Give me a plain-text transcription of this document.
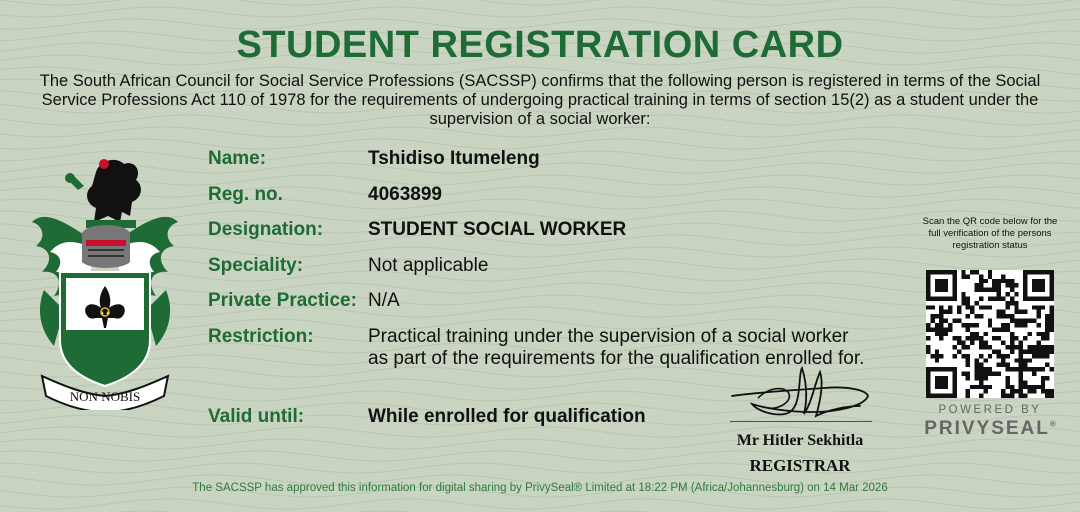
STUDENT REGISTRATION CARD
The South African Council for Social Service Professions (SACSSP) confirms that the following person is registered in terms of the Social Service Professions Act 110 of 1978 for the requirements of undergoing practical training in terms of section 15(2) as a student under the supervision of a social worker:
NON NOBIS
Name:	Tshidiso Itumeleng
Reg. no.	4063899
Designation: STUDENT SOCIAL WORKER
Speciality:	Not applicable
Private Practice: N/A
Restriction:	Practical training under the supervision of a social worker
as part of the requirements for the qualification enrolled for.
Valid until:	While enrolled for qualification
Mr Hitler Sekhitla
REGISTRAR
Scan the QR code below for the full verification of the persons registration status
POWERED BY
PRIVYSEAL®
The SACSSP has approved this information for digital sharing by PrivySeal® Limited at 18:22 PM (Africa/Johannesburg) on 14 Mar 2026
